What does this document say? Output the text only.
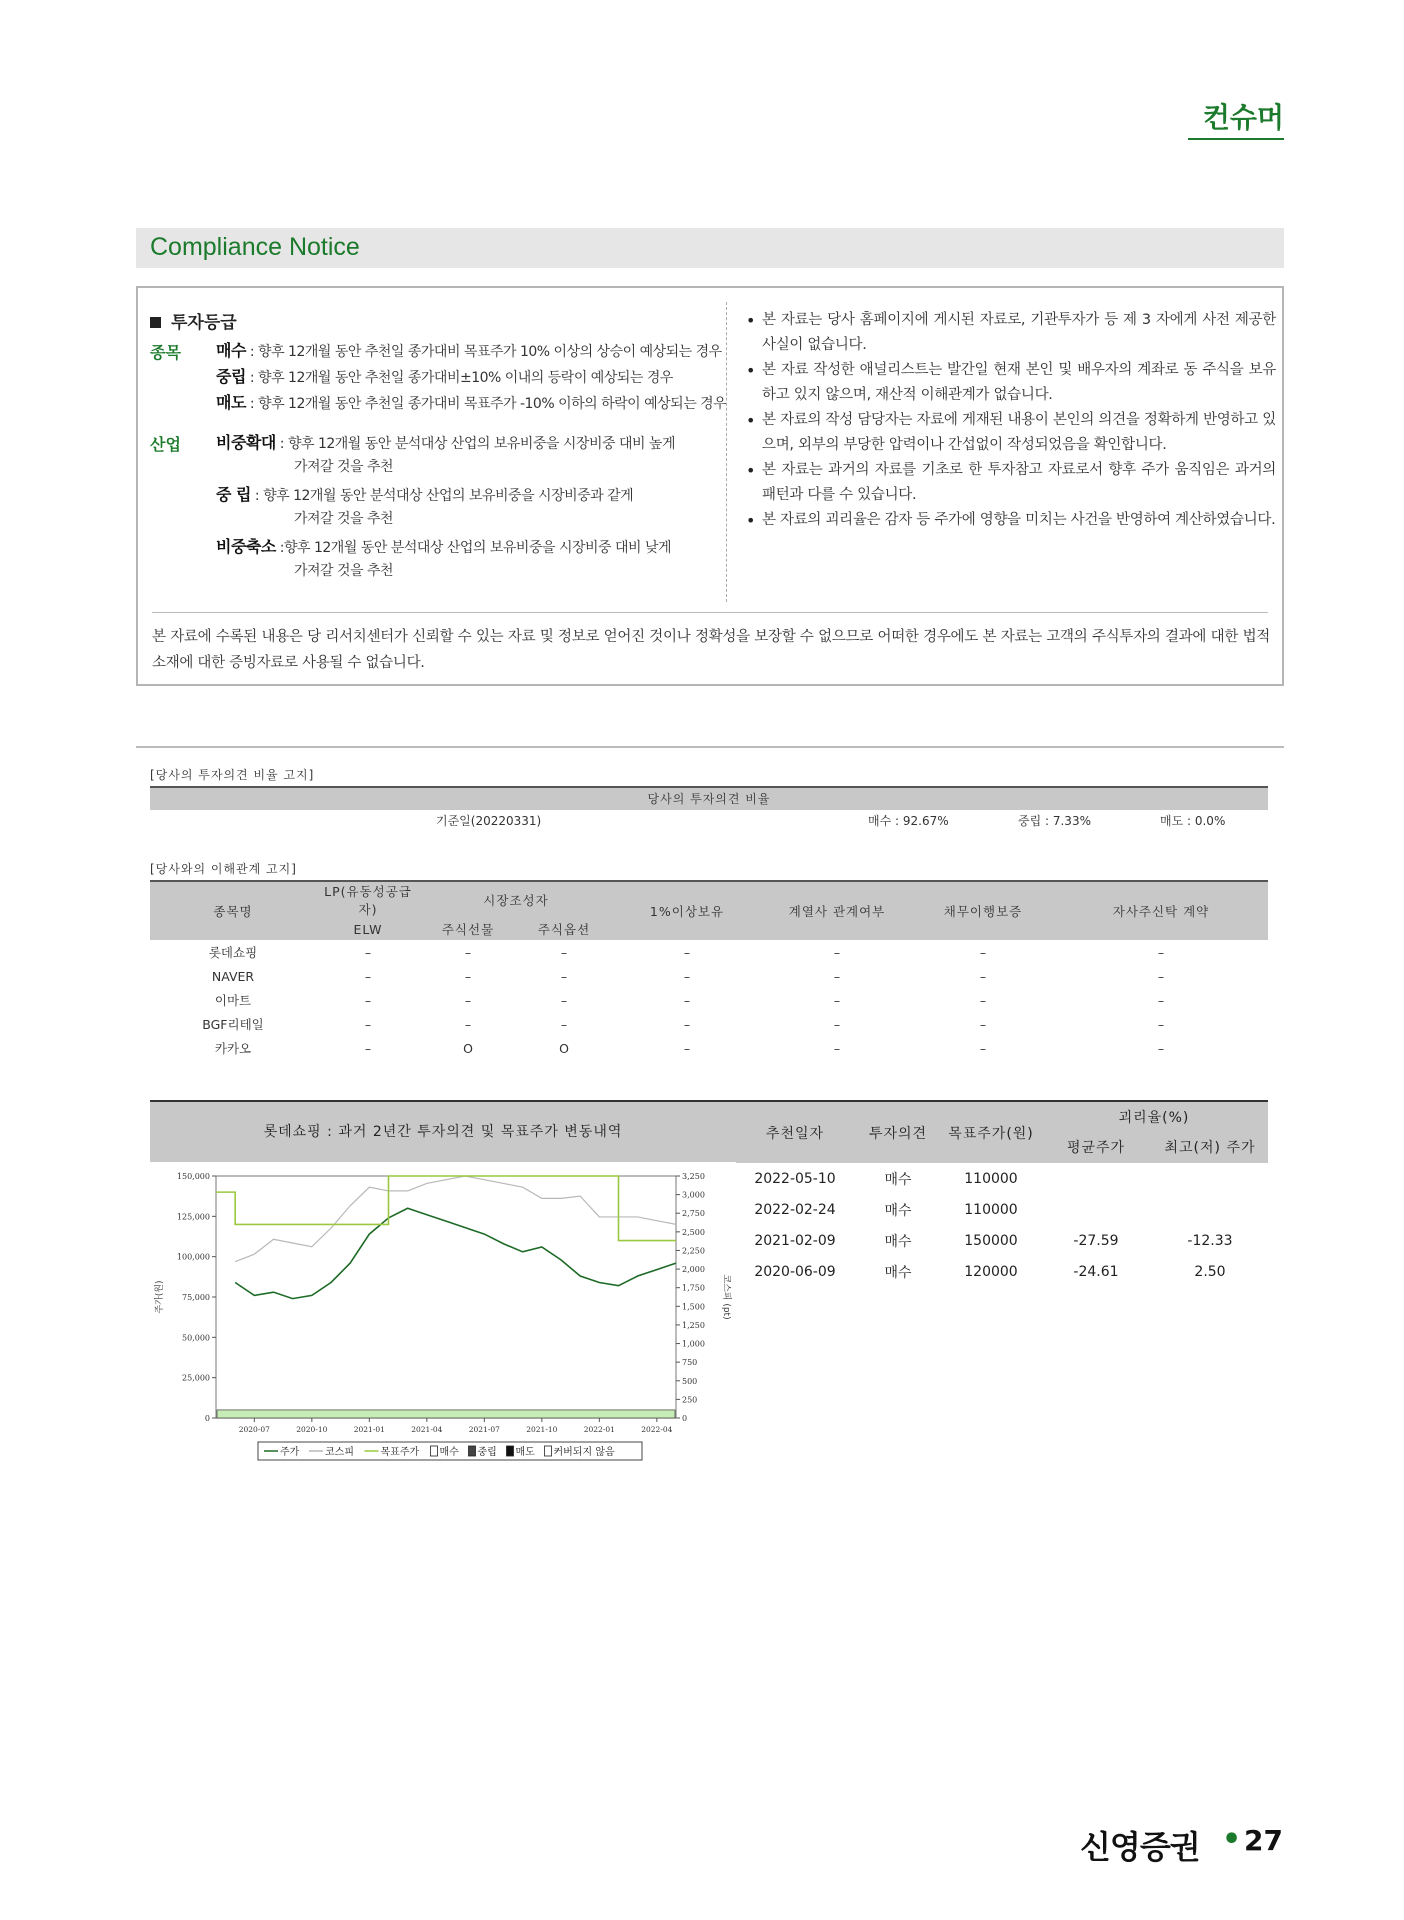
컨슈머
Compliance Notice
투자등급
종목 매수 : 향후 12개월 동안 추천일 종가대비 목표주가 10% 이상의 상승이 예상되는 경우
중립 : 향후 12개월 동안 추천일 종가대비±10% 이내의 등락이 예상되는 경우
매도 : 향후 12개월 동안 추천일 종가대비 목표주가 -10% 이하의 하락이 예상되는 경우
산업 비중확대 : 향후 12개월 동안 분석대상 산업의 보유비중을 시장비중 대비 높게
가져갈 것을 추천
중 립 : 향후 12개월 동안 분석대상 산업의 보유비중을 시장비중과 같게
가져갈 것을 추천
비중축소 :향후 12개월 동안 분석대상 산업의 보유비중을 시장비중 대비 낮게
가져갈 것을 추천
• 본 자료는 당사 홈페이지에 게시된 자료로, 기관투자가 등 제 3 자에게 사전 제공한 사실이 없습니다.
• 본 자료 작성한 애널리스트는 발간일 현재 본인 및 배우자의 계좌로 동 주식을 보유하고 있지 않으며, 재산적 이해관계가 없습니다.
• 본 자료의 작성 담당자는 자료에 게재된 내용이 본인의 의견을 정확하게 반영하고 있으며, 외부의 부당한 압력이나 간섭없이 작성되었음을 확인합니다.
• 본 자료는 과거의 자료를 기초로 한 투자참고 자료로서 향후 주가 움직임은 과거의 패턴과 다를 수 있습니다.
• 본 자료의 괴리율은 감자 등 주가에 영향을 미치는 사건을 반영하여 계산하였습니다.
본 자료에 수록된 내용은 당 리서치센터가 신뢰할 수 있는 자료 및 정보로 얻어진 것이나 정확성을 보장할 수 없으므로 어떠한 경우에도 본 자료는 고객의 주식투자의 결과에 대한 법적 소재에 대한 증빙자료로 사용될 수 없습니다.
[당사의 투자의견 비율 고지]
당사의 투자의견 비율
기준일(20220331)	매수 : 92.67%	중립 : 7.33%	매도 : 0.0%
[당사와의 이해관계 고지]
종목명	LP(유동성공급자)	시장조성자		1%이상보유	계열사 관계여부	채무이행보증	자사주신탁 계약
	ELW	주식선물	주식옵션				
롯데쇼핑	–	–	–	–	–	–	–
NAVER	–	–	–	–	–	–	–
이마트	–	–	–	–	–	–	–
BGF리테일	–	–	–	–	–	–	–
카카오	–	O	O	–	–	–	–
롯데쇼핑 : 과거 2년간 투자의견 및 목표주가 변동내역
150,000
125,000
100,000
75,000
50,000
25,000
0
3,250
3,000
2,750
2,500
2,250
2,000
1,750
1,500
1,250
1,000
750
500
250
0
2020-07	2020-10	2021-01	2021-04	2021-07	2021-10	2022-01	2022-04
주가(원)	코스피 (pt)
주가	코스피	목표주가 매수 중립 매도 커버되지 않음
추천일자	투자의견	목표주가(원)	괴리율(%)	
			평균주가	최고(저) 주가
2022-05-10	매수	110000		
2022-02-24	매수	110000		
2021-02-09	매수	150000	-27.59	-12.33
2020-06-09	매수	120000	-24.61	2.50
신영증권 • 27
